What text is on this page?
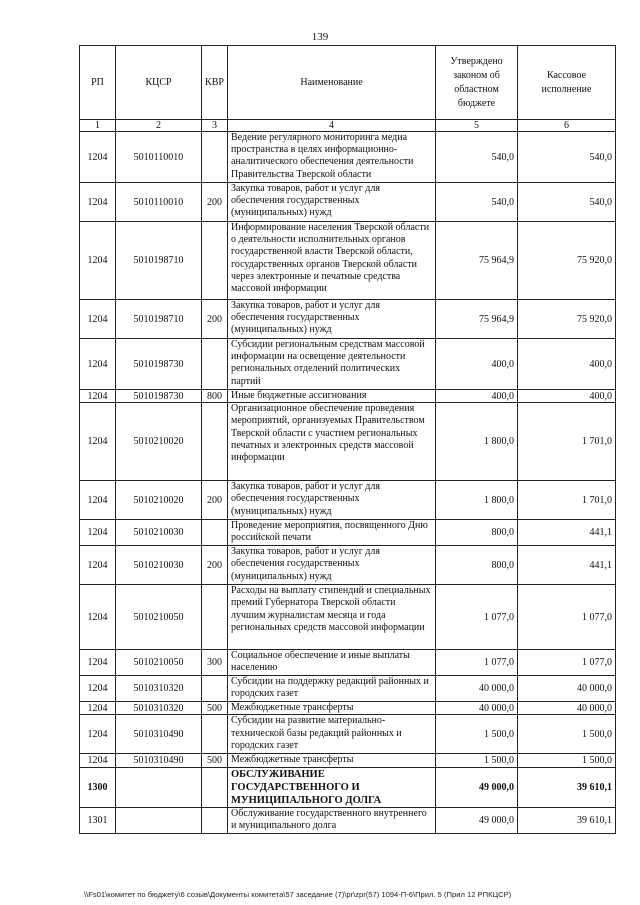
139
РП	КЦСР	КВР	Наименование	Утверждено законом об областном бюджете	Кассовое исполнение
1	2	3	4	5	6
1204	5010110010		Ведение регулярного мониторинга медиа пространства в целях информационно-аналитического обеспечения деятельности Правительства Тверской области	540,0	540,0
1204	5010110010	200	Закупка товаров, работ и услуг для обеспечения государственных (муниципальных) нужд	540,0	540,0
1204	5010198710		Информирование населения Тверской области о деятельности исполнительных органов государственной власти Тверской области, государственных органов Тверской области через электронные и печатные средства массовой информации	75 964,9	75 920,0
1204	5010198710	200	Закупка товаров, работ и услуг для обеспечения государственных (муниципальных) нужд	75 964,9	75 920,0
1204	5010198730		Субсидии региональным средствам массовой информации на освещение деятельности региональных отделений политических партий	400,0	400,0
1204	5010198730	800	Иные бюджетные ассигнования	400,0	400,0
1204	5010210020		Организационное обеспечение проведения мероприятий, организуемых Правительством Тверской области с участием региональных печатных и электронных средств массовой информации	1 800,0	1 701,0
1204	5010210020	200	Закупка товаров, работ и услуг для обеспечения государственных (муниципальных) нужд	1 800,0	1 701,0
1204	5010210030		Проведение мероприятия, посвященного Дню российской печати	800,0	441,1
1204	5010210030	200	Закупка товаров, работ и услуг для обеспечения государственных (муниципальных) нужд	800,0	441,1
1204	5010210050		Расходы на выплату стипендий и специальных премий Губернатора Тверской области лучшим журналистам месяца и года региональных средств массовой информации	1 077,0	1 077,0
1204	5010210050	300	Социальное обеспечение и иные выплаты населению	1 077,0	1 077,0
1204	5010310320		Субсидии на поддержку редакций районных и городских газет	40 000,0	40 000,0
1204	5010310320	500	Межбюджетные трансферты	40 000,0	40 000,0
1204	5010310490		Субсидии на развитие материально-технической базы редакций районных и городских газет	1 500,0	1 500,0
1204	5010310490	500	Межбюджетные трансферты	1 500,0	1 500,0
1300			ОБСЛУЖИВАНИЕ ГОСУДАРСТВЕННОГО И МУНИЦИПАЛЬНОГО ДОЛГА	49 000,0	39 610,1
1301			Обслуживание государственного внутреннего и муниципального долга	49 000,0	39 610,1
\\Fs01\комитет по бюджету\6 созыв\Документы комитета\57 заседание (7)\pr\zpr(57) 1094-П-6\Прил. 5 (Прил 12 РПКЦСР)
